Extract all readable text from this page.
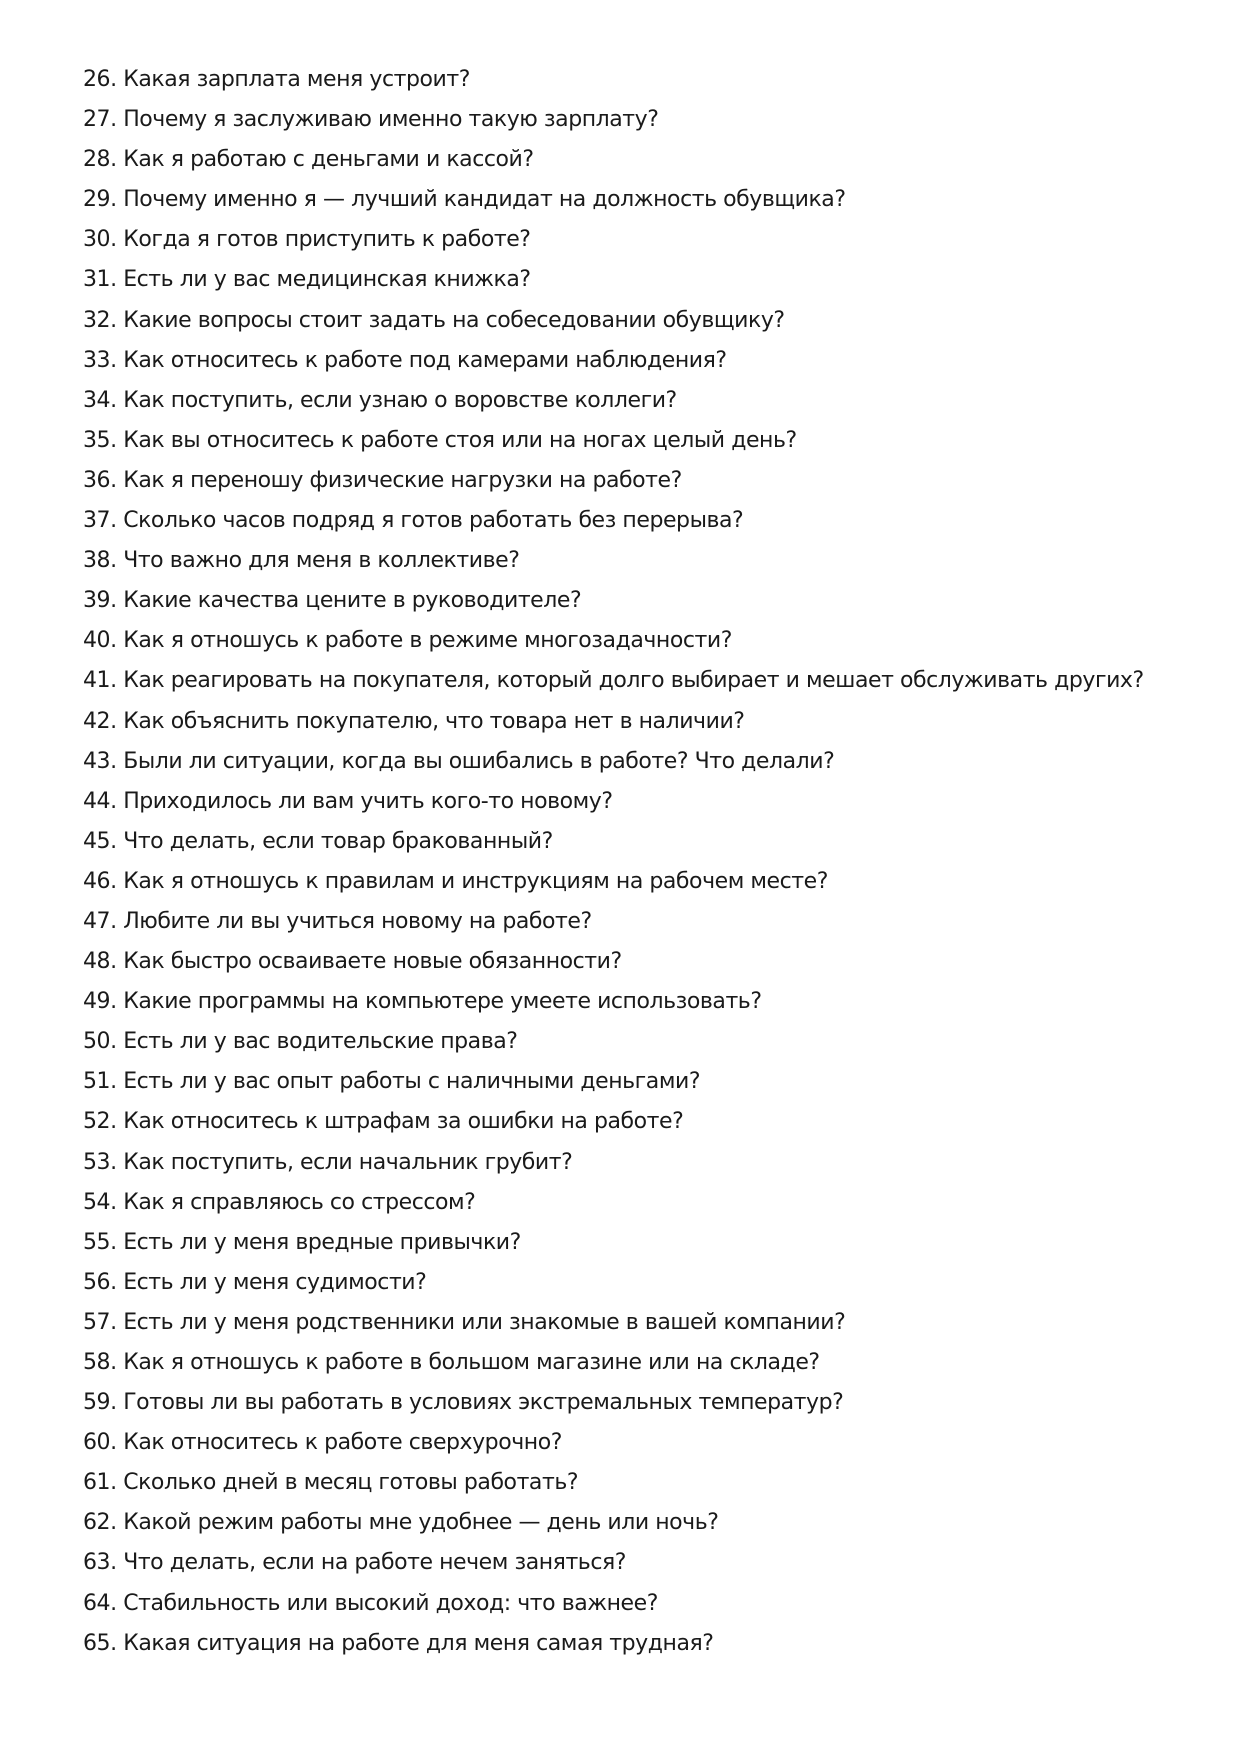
26. Какая зарплата меня устроит?
27. Почему я заслуживаю именно такую зарплату?
28. Как я работаю с деньгами и кассой?
29. Почему именно я — лучший кандидат на должность обувщика?
30. Когда я готов приступить к работе?
31. Есть ли у вас медицинская книжка?
32. Какие вопросы стоит задать на собеседовании обувщику?
33. Как относитесь к работе под камерами наблюдения?
34. Как поступить, если узнаю о воровстве коллеги?
35. Как вы относитесь к работе стоя или на ногах целый день?
36. Как я переношу физические нагрузки на работе?
37. Сколько часов подряд я готов работать без перерыва?
38. Что важно для меня в коллективе?
39. Какие качества цените в руководителе?
40. Как я отношусь к работе в режиме многозадачности?
41. Как реагировать на покупателя, который долго выбирает и мешает обслуживать других?
42. Как объяснить покупателю, что товара нет в наличии?
43. Были ли ситуации, когда вы ошибались в работе? Что делали?
44. Приходилось ли вам учить кого-то новому?
45. Что делать, если товар бракованный?
46. Как я отношусь к правилам и инструкциям на рабочем месте?
47. Любите ли вы учиться новому на работе?
48. Как быстро осваиваете новые обязанности?
49. Какие программы на компьютере умеете использовать?
50. Есть ли у вас водительские права?
51. Есть ли у вас опыт работы с наличными деньгами?
52. Как относитесь к штрафам за ошибки на работе?
53. Как поступить, если начальник грубит?
54. Как я справляюсь со стрессом?
55. Есть ли у меня вредные привычки?
56. Есть ли у меня судимости?
57. Есть ли у меня родственники или знакомые в вашей компании?
58. Как я отношусь к работе в большом магазине или на складе?
59. Готовы ли вы работать в условиях экстремальных температур?
60. Как относитесь к работе сверхурочно?
61. Сколько дней в месяц готовы работать?
62. Какой режим работы мне удобнее — день или ночь?
63. Что делать, если на работе нечем заняться?
64. Стабильность или высокий доход: что важнее?
65. Какая ситуация на работе для меня самая трудная?
